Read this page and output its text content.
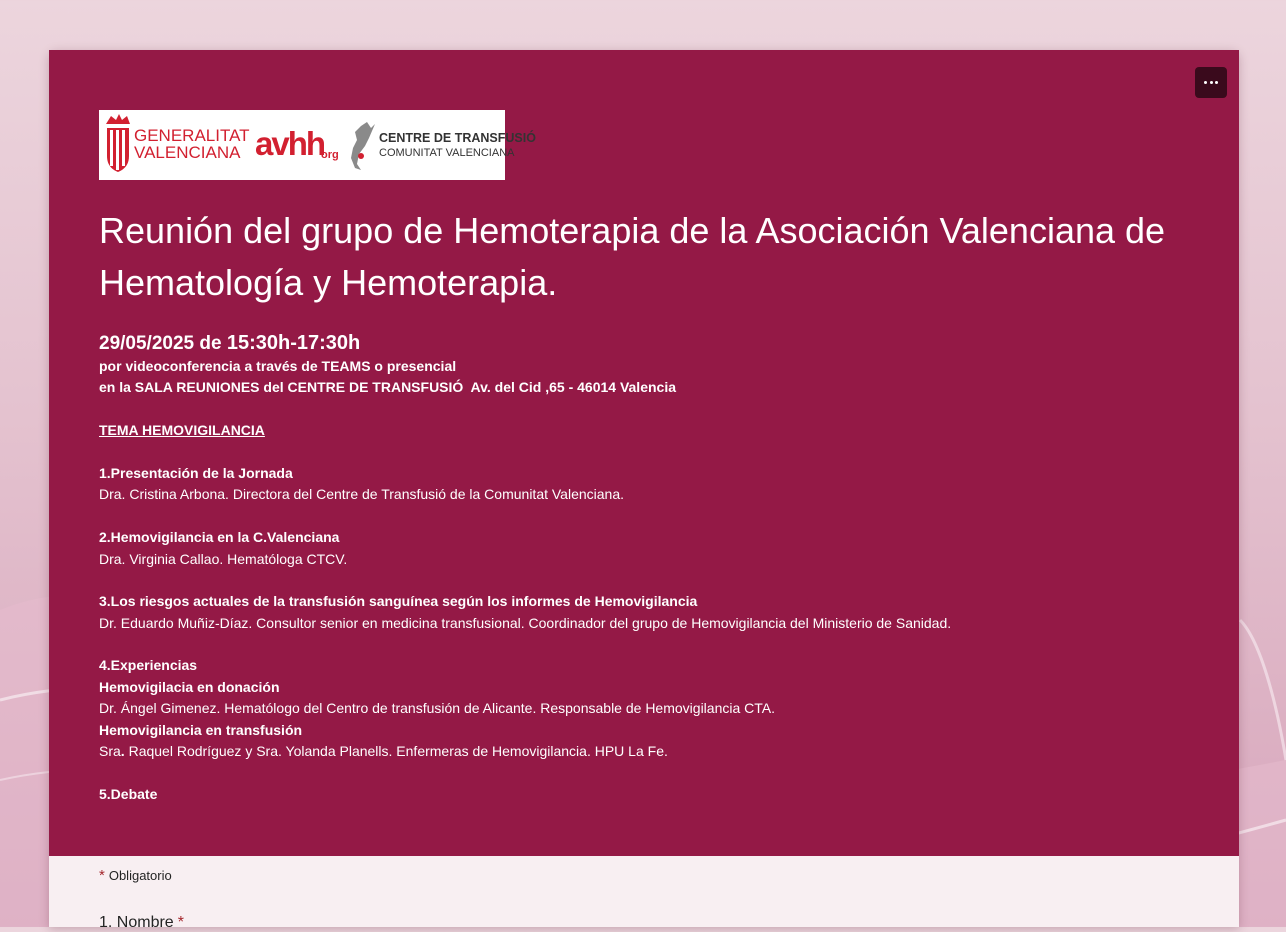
GENERALITAT
VALENCIANA avhh
org
CENTRE DE TRANSFUSIÓ
COMUNITAT VALENCIANA
Reunión del grupo de Hemoterapia de la Asociación Valenciana de Hematología y Hemoterapia.
29/05/2025 de 15:30h-17:30h
por videoconferencia a través de TEAMS o presencial
en la SALA REUNIONES del CENTRE DE TRANSFUSIÓ  Av. del Cid ,65 - 46014 Valencia
TEMA HEMOVIGILANCIA
1.Presentación de la Jornada
Dra. Cristina Arbona. Directora del Centre de Transfusió de la Comunitat Valenciana.
2.Hemovigilancia en la C.Valenciana
Dra. Virginia Callao. Hematóloga CTCV.
3.Los riesgos actuales de la transfusión sanguínea según los informes de Hemovigilancia
Dr. Eduardo Muñiz-Díaz. Consultor senior en medicina transfusional. Coordinador del grupo de Hemovigilancia del Ministerio de Sanidad.
4.Experiencias
Hemovigilacia en donación
Dr. Ángel Gimenez. Hematólogo del Centro de transfusión de Alicante. Responsable de Hemovigilancia CTA.
Hemovigilancia en transfusión
Sra. Raquel Rodríguez y Sra. Yolanda Planells. Enfermeras de Hemovigilancia. HPU La Fe.
5.Debate
* Obligatorio
1. Nombre *
